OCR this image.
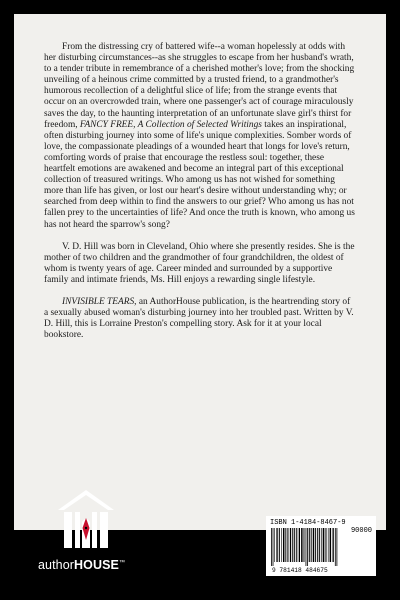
From the distressing cry of battered wife--a woman hopelessly at odds with her disturbing circumstances--as she struggles to escape from her husband's wrath, to a tender tribute in remembrance of a cherished mother's love; from the shocking unveiling of a heinous crime committed by a trusted friend, to a grandmother's humorous recollection of a delightful slice of life; from the strange events that occur on an overcrowded train, where one passenger's act of courage miraculously saves the day, to the haunting interpretation of an unfortunate slave girl's thirst for freedom, FANCY FREE, A Collection of Selected Writings takes an inspirational, often disturbing journey into some of life's unique complexities. Somber words of love, the compassionate pleadings of a wounded heart that longs for love's return, comforting words of praise that encourage the restless soul: together, these heartfelt emotions are awakened and become an integral part of this exceptional collection of treasured writings. Who among us has not wished for something more than life has given, or lost our heart's desire without understanding why; or searched from deep within to find the answers to our grief? Who among us has not fallen prey to the uncertainties of life? And once the truth is known, who among us has not heard the sparrow's song?

V. D. Hill was born in Cleveland, Ohio where she presently resides. She is the mother of two children and the grandmother of four grandchildren, the oldest of whom is twenty years of age. Career minded and surrounded by a supportive family and intimate friends, Ms. Hill enjoys a rewarding single lifestyle.

INVISIBLE TEARS, an AuthorHouse publication, is the heartrending story of a sexually abused woman's disturbing journey into her troubled past. Written by V. D. Hill, this is Lorraine Preston's compelling story. Ask for it at your local bookstore.

authorHOUSE™
ISBN 1-4184-8467-9
90000
9 781418 484675
